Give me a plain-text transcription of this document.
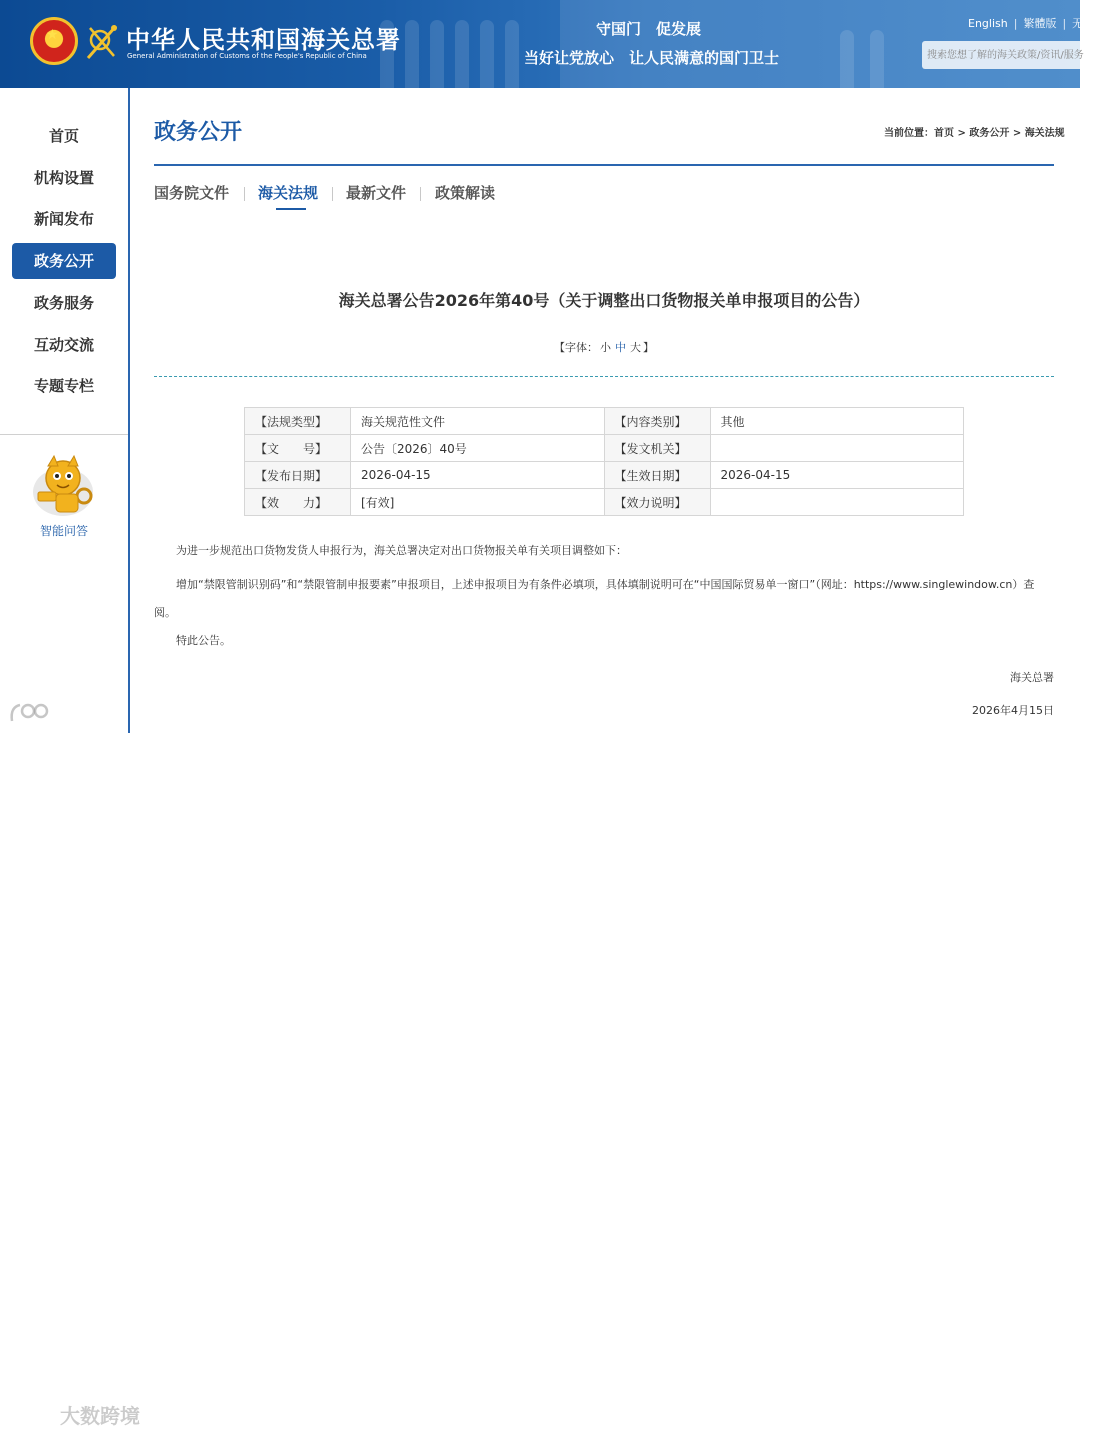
★	中华人民共和国海关总署
General Administration of Customs of the People's Republic of China
守国门　促发展
当好让党放心　让人民满意的国门卫士
English | 繁體版 | 无障碍
搜索您想了解的海关政策/资讯/服务
首页
机构设置
新闻发布
政务公开
政务服务
互动交流
专题专栏
智能问答
政务公开	当前位置：首页 > 政务公开 > 海关法规
国务院文件 海关法规 最新文件 政策解读
海关总署公告2026年第40号（关于调整出口货物报关单申报项目的公告）
【字体： 小 中 大 】
【法规类型】	海关规范性文件	【内容类别】	其他
【文　　号】	公告〔2026〕40号	【发文机关】	
【发布日期】	2026-04-15	【生效日期】	2026-04-15
【效　　力】	[有效]	【效力说明】	

为进一步规范出口货物发货人申报行为，海关总署决定对出口货物报关单有关项目调整如下：

增加“禁限管制识别码”和“禁限管制申报要素”申报项目，上述申报项目为有条件必填项，具体填制说明可在“中国国际贸易单一窗口”（网址：https://www.singlewindow.cn）查阅。

特此公告。

海关总署
2026年4月15日
大数跨境
